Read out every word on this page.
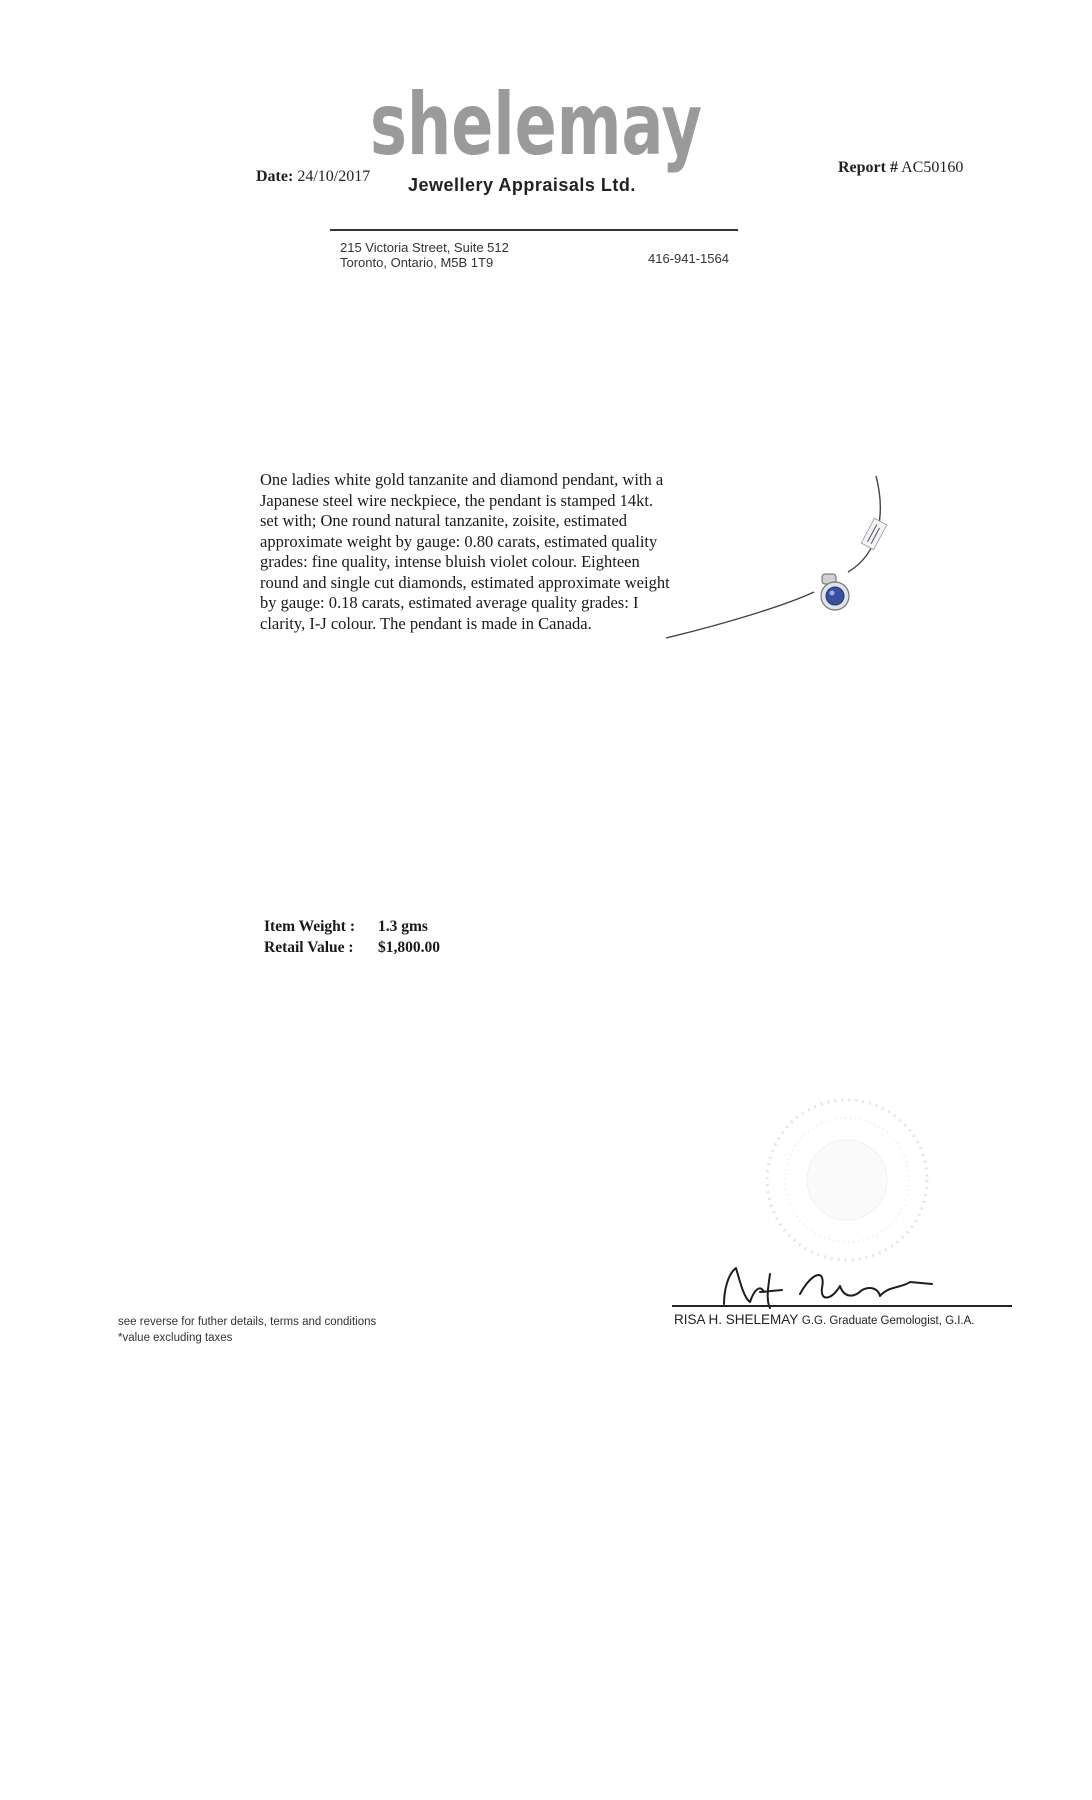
shelemay
Date: 24/10/2017 Jewellery Appraisals Ltd.
Report # AC50160
215 Victoria Street, Suite 512
Toronto, Ontario, M5B 1T9	416-941-1564
One ladies white gold tanzanite and diamond pendant, with a Japanese steel wire neckpiece, the pendant is stamped 14kt. set with; One round natural tanzanite, zoisite, estimated approximate weight by gauge: 0.80 carats, estimated quality grades: fine quality, intense bluish violet colour. Eighteen round and single cut diamonds, estimated approximate weight by gauge: 0.18 carats, estimated average quality grades: I clarity, I-J colour. The pendant is made in Canada.
Item Weight :	1.3 gms
Retail Value :	$1,800.00
RISA H. SHELEMAY G.G. Graduate Gemologist, G.I.A.
see reverse for futher details, terms and conditions
*value excluding taxes
